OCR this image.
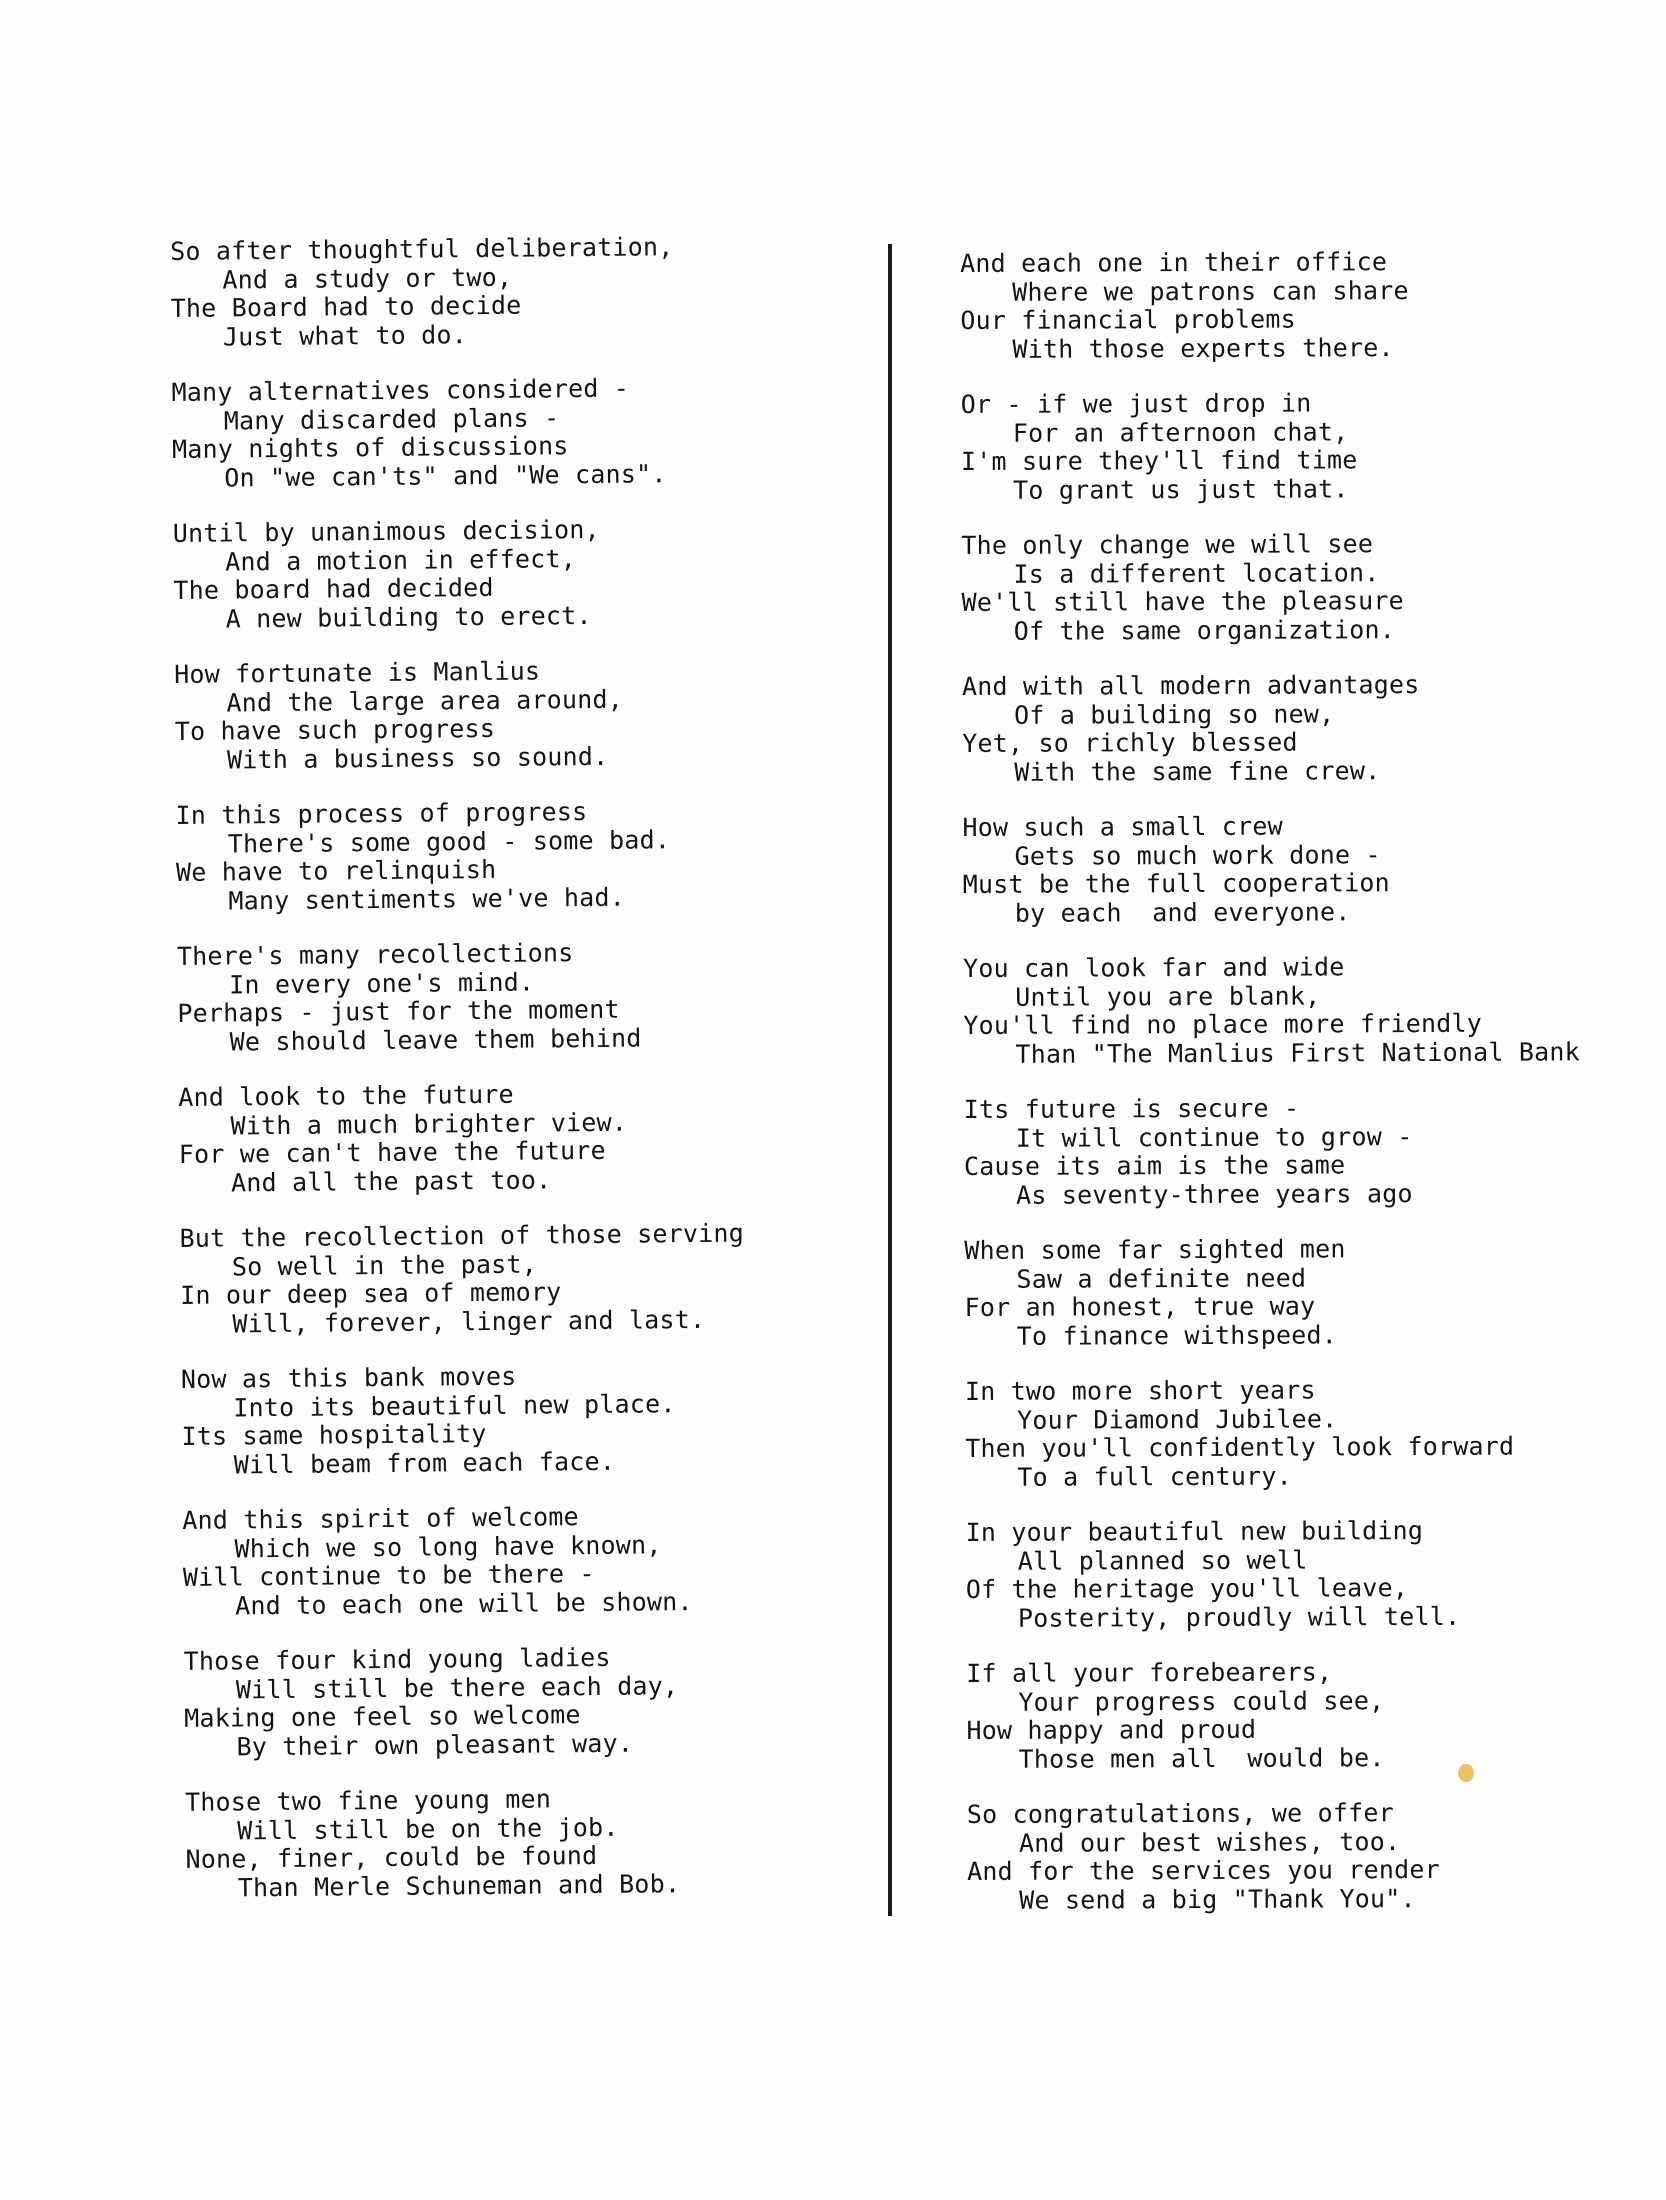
So after thoughtful deliberation,
And a study or two,
The Board had to decide
Just what to do.
Many alternatives considered -
Many discarded plans -
Many nights of discussions
On "we can'ts" and "We cans".
Until by unanimous decision,
And a motion in effect,
The board had decided
A new building to erect.
How fortunate is Manlius
And the large area around,
To have such progress
With a business so sound.
In this process of progress
There's some good - some bad.
We have to relinquish
Many sentiments we've had.
There's many recollections
In every one's mind.
Perhaps - just for the moment
We should leave them behind
And look to the future
With a much brighter view.
For we can't have the future
And all the past too.
But the recollection of those serving
So well in the past,
In our deep sea of memory
Will, forever, linger and last.
Now as this bank moves
Into its beautiful new place.
Its same hospitality
Will beam from each face.
And this spirit of welcome
Which we so long have known,
Will continue to be there -
And to each one will be shown.
Those four kind young ladies
Will still be there each day,
Making one feel so welcome
By their own pleasant way.
Those two fine young men
Will still be on the job.
None, finer, could be found
Than Merle Schuneman and Bob.
And each one in their office
Where we patrons can share
Our financial problems
With those experts there.
Or - if we just drop in
For an afternoon chat,
I'm sure they'll find time
To grant us just that.
The only change we will see
Is a different location.
We'll still have the pleasure
Of the same organization.
And with all modern advantages
Of a building so new,
Yet, so richly blessed
With the same fine crew.
How such a small crew
Gets so much work done -
Must be the full cooperation
by each  and everyone.
You can look far and wide
Until you are blank,
You'll find no place more friendly
Than "The Manlius First National Bank
Its future is secure -
It will continue to grow -
Cause its aim is the same
As seventy-three years ago
When some far sighted men
Saw a definite need
For an honest, true way
To finance withspeed.
In two more short years
Your Diamond Jubilee.
Then you'll confidently look forward
To a full century.
In your beautiful new building
All planned so well
Of the heritage you'll leave,
Posterity, proudly will tell.
If all your forebearers,
Your progress could see,
How happy and proud
Those men all  would be.
So congratulations, we offer
And our best wishes, too.
And for the services you render
We send a big "Thank You".
